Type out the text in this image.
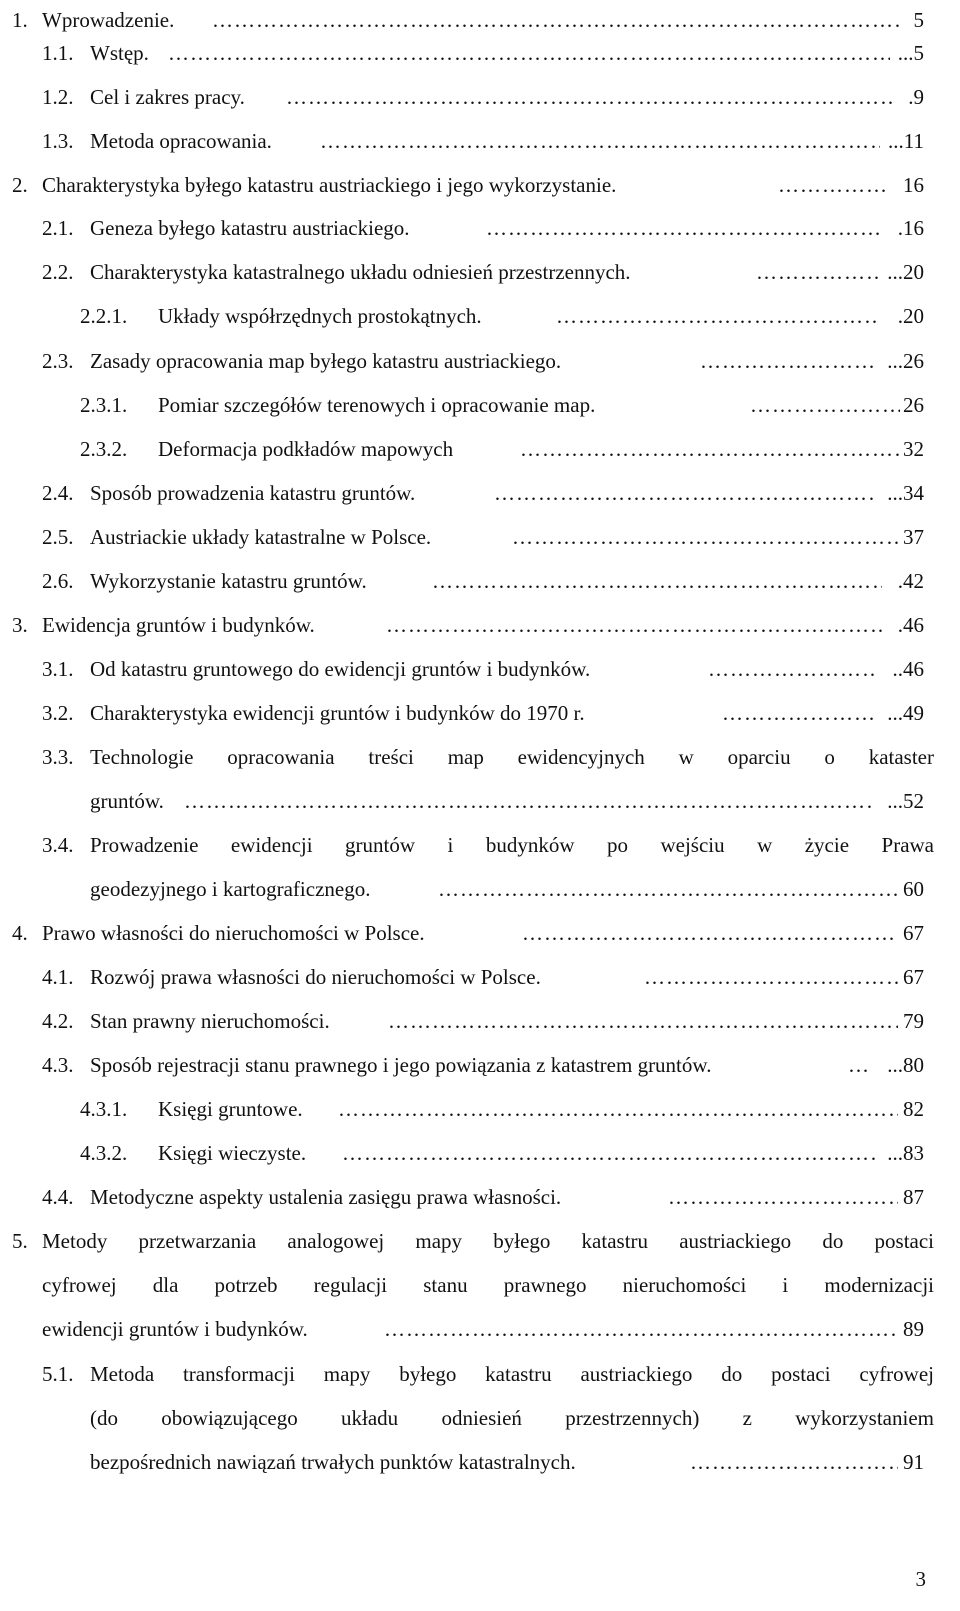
1. Wprowadzenie. ……………………………………………………………………………………………………………………………………………………………………	5
1.1. Wstęp. ……………………………………………………………………………………………………………………………………………………………………	...5
1.2. Cel i zakres pracy. ……………………………………………………………………………………………………………………………………………………………………	.9
1.3. Metoda opracowania. ……………………………………………………………………………………………………………………………………………………………………	...11
2. Charakterystyka byłego katastru austriackiego i jego wykorzystanie. ……………………………………………………………………………………………………………………………………………………………………	16
2.1. Geneza byłego katastru austriackiego. ……………………………………………………………………………………………………………………………………………………………………	.16
2.2. Charakterystyka katastralnego układu odniesień przestrzennych. ……………………………………………………………………………………………………………………………………………………………………	...20
2.2.1. Układy współrzędnych prostokątnych. ……………………………………………………………………………………………………………………………………………………………………	.20
2.3. Zasady opracowania map byłego katastru austriackiego. ……………………………………………………………………………………………………………………………………………………………………	...26
2.3.1. Pomiar szczegółów terenowych i opracowanie map. ……………………………………………………………………………………………………………………………………………………………………	26
2.3.2. Deformacja podkładów mapowych ……………………………………………………………………………………………………………………………………………………………………	32
2.4. Sposób prowadzenia katastru gruntów. ……………………………………………………………………………………………………………………………………………………………………	...34
2.5. Austriackie układy katastralne w Polsce. ……………………………………………………………………………………………………………………………………………………………………	37
2.6. Wykorzystanie katastru gruntów. ……………………………………………………………………………………………………………………………………………………………………	.42
3. Ewidencja gruntów i budynków. ……………………………………………………………………………………………………………………………………………………………………	.46
3.1. Od katastru gruntowego do ewidencji gruntów i budynków. ……………………………………………………………………………………………………………………………………………………………………	..46
3.2. Charakterystyka ewidencji gruntów i budynków do 1970 r. ……………………………………………………………………………………………………………………………………………………………………	...49
3.3. Technologie opracowania treści map ewidencyjnych w oparciu o kataster
gruntów. ……………………………………………………………………………………………………………………………………………………………………	...52
3.4. Prowadzenie ewidencji gruntów i budynków po wejściu w życie Prawa
geodezyjnego i kartograficznego. ……………………………………………………………………………………………………………………………………………………………………	60
4. Prawo własności do nieruchomości w Polsce. ……………………………………………………………………………………………………………………………………………………………………	67
4.1. Rozwój prawa własności do nieruchomości w Polsce. ……………………………………………………………………………………………………………………………………………………………………	67
4.2. Stan prawny nieruchomości. ……………………………………………………………………………………………………………………………………………………………………	79
4.3. Sposób rejestracji stanu prawnego i jego powiązania z katastrem gruntów. ……………………………………………………………………………………………………………………………………………………………………	...80
4.3.1. Księgi gruntowe. ……………………………………………………………………………………………………………………………………………………………………	82
4.3.2. Księgi wieczyste. ……………………………………………………………………………………………………………………………………………………………………	...83
4.4. Metodyczne aspekty ustalenia zasięgu prawa własności. ……………………………………………………………………………………………………………………………………………………………………	87
5. Metody przetwarzania analogowej mapy byłego katastru austriackiego do postaci
cyfrowej dla potrzeb regulacji stanu prawnego nieruchomości i modernizacji
ewidencji gruntów i budynków. ……………………………………………………………………………………………………………………………………………………………………	89
5.1. Metoda transformacji mapy byłego katastru austriackiego do postaci cyfrowej
(do obowiązującego układu odniesień przestrzennych) z wykorzystaniem
bezpośrednich nawiązań trwałych punktów katastralnych. ……………………………………………………………………………………………………………………………………………………………………	91
3
